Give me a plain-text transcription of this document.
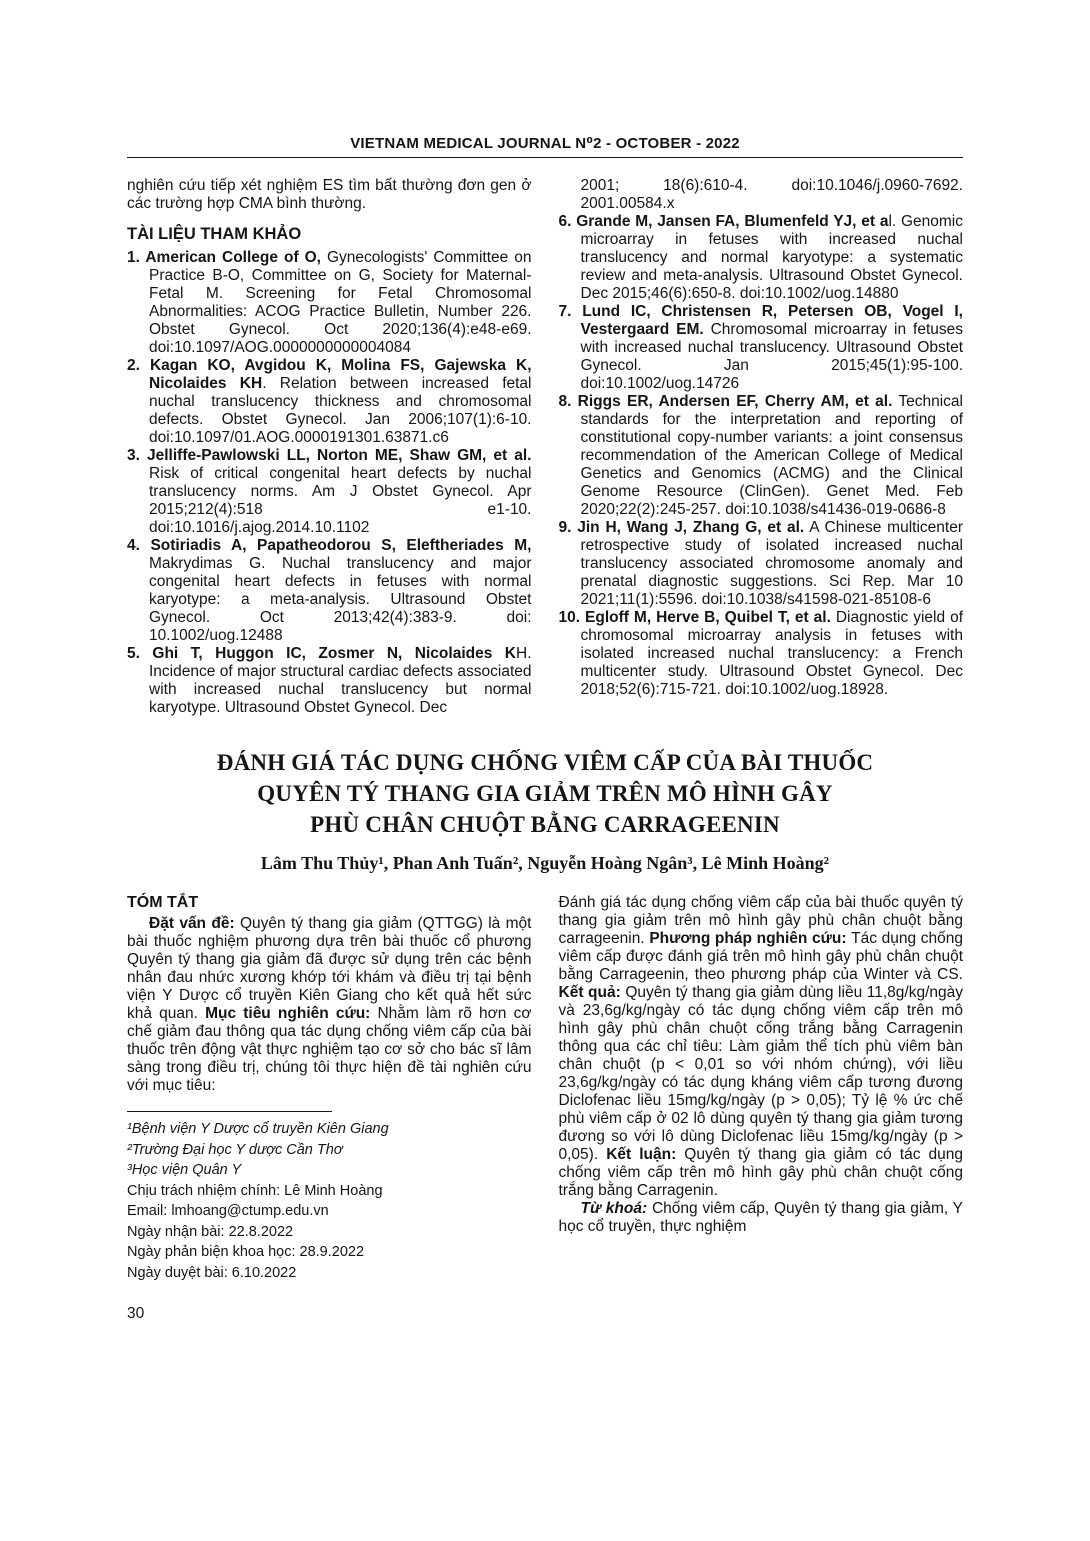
VIETNAM MEDICAL JOURNAL N⁰2 - OCTOBER - 2022

nghiên cứu tiếp xét nghiệm ES tìm bất thường đơn gen ở các trường hợp CMA bình thường.

TÀI LIỆU THAM KHẢO

1. American College of O, Gynecologists' Committee on Practice B-O, Committee on G, Society for Maternal-Fetal M. Screening for Fetal Chromosomal Abnormalities: ACOG Practice Bulletin, Number 226. Obstet Gynecol. Oct 2020;136(4):e48-e69. doi:10.1097/AOG.0000000000004084

2. Kagan KO, Avgidou K, Molina FS, Gajewska K, Nicolaides KH. Relation between increased fetal nuchal translucency thickness and chromosomal defects. Obstet Gynecol. Jan 2006;107(1):6-10. doi:10.1097/01.AOG.0000191301.63871.c6

3. Jelliffe-Pawlowski LL, Norton ME, Shaw GM, et al. Risk of critical congenital heart defects by nuchal translucency norms. Am J Obstet Gynecol. Apr 2015;212(4):518 e1-10. doi:10.1016/j.ajog.2014.10.1102

4. Sotiriadis A, Papatheodorou S, Eleftheriades M, Makrydimas G. Nuchal translucency and major congenital heart defects in fetuses with normal karyotype: a meta-analysis. Ultrasound Obstet Gynecol. Oct 2013;42(4):383-9. doi: 10.1002/uog.12488

5. Ghi T, Huggon IC, Zosmer N, Nicolaides KH. Incidence of major structural cardiac defects associated with increased nuchal translucency but normal karyotype. Ultrasound Obstet Gynecol. Dec

2001; 18(6):610-4. doi:10.1046/j.0960-7692. 2001.00584.x

6. Grande M, Jansen FA, Blumenfeld YJ, et al. Genomic microarray in fetuses with increased nuchal translucency and normal karyotype: a systematic review and meta-analysis. Ultrasound Obstet Gynecol. Dec 2015;46(6):650-8. doi:10.1002/uog.14880

7. Lund IC, Christensen R, Petersen OB, Vogel I, Vestergaard EM. Chromosomal microarray in fetuses with increased nuchal translucency. Ultrasound Obstet Gynecol. Jan 2015;45(1):95-100. doi:10.1002/uog.14726

8. Riggs ER, Andersen EF, Cherry AM, et al. Technical standards for the interpretation and reporting of constitutional copy-number variants: a joint consensus recommendation of the American College of Medical Genetics and Genomics (ACMG) and the Clinical Genome Resource (ClinGen). Genet Med. Feb 2020;22(2):245-257. doi:10.1038/s41436-019-0686-8

9. Jin H, Wang J, Zhang G, et al. A Chinese multicenter retrospective study of isolated increased nuchal translucency associated chromosome anomaly and prenatal diagnostic suggestions. Sci Rep. Mar 10 2021;11(1):5596. doi:10.1038/s41598-021-85108-6

10. Egloff M, Herve B, Quibel T, et al. Diagnostic yield of chromosomal microarray analysis in fetuses with isolated increased nuchal translucency: a French multicenter study. Ultrasound Obstet Gynecol. Dec 2018;52(6):715-721. doi:10.1002/uog.18928.

ĐÁNH GIÁ TÁC DỤNG CHỐNG VIÊM CẤP CỦA BÀI THUỐC
QUYÊN TÝ THANG GIA GIẢM TRÊN MÔ HÌNH GÂY
PHÙ CHÂN CHUỘT BẰNG CARRAGEENIN
Lâm Thu Thủy¹, Phan Anh Tuấn², Nguyễn Hoàng Ngân³, Lê Minh Hoàng²
TÓM TẮT

Đặt vấn đề: Quyên tý thang gia giảm (QTTGG) là một bài thuốc nghiệm phương dựa trên bài thuốc cổ phương Quyên tý thang gia giảm đã được sử dụng trên các bệnh nhân đau nhức xương khớp tới khám và điều trị tại bệnh viện Y Dược cổ truyền Kiên Giang cho kết quả hết sức khả quan. Mục tiêu nghiên cứu: Nhằm làm rõ hơn cơ chế giảm đau thông qua tác dụng chống viêm cấp của bài thuốc trên động vật thực nghiệm tạo cơ sở cho bác sĩ lâm sàng trong điều trị, chúng tôi thực hiện đề tài nghiên cứu với mục tiêu:

¹Bệnh viện Y Dược cổ truyền Kiên Giang
²Trường Đại học Y dược Cần Thơ
³Học viện Quân Y
Chịu trách nhiệm chính: Lê Minh Hoàng
Email: lmhoang@ctump.edu.vn
Ngày nhận bài: 22.8.2022
Ngày phản biện khoa học: 28.9.2022
Ngày duyệt bài: 6.10.2022

Đánh giá tác dụng chống viêm cấp của bài thuốc quyên tý thang gia giảm trên mô hình gây phù chân chuột bằng carrageenin. Phương pháp nghiên cứu: Tác dụng chống viêm cấp được đánh giá trên mô hình gây phù chân chuột bằng Carrageenin, theo phương pháp của Winter và CS. Kết quả: Quyên tý thang gia giảm dùng liều 11,8g/kg/ngày và 23,6g/kg/ngày có tác dụng chống viêm cấp trên mô hình gây phù chân chuột cống trắng bằng Carragenin thông qua các chỉ tiêu: Làm giảm thể tích phù viêm bàn chân chuột (p < 0,01 so với nhóm chứng), với liều 23,6g/kg/ngày có tác dụng kháng viêm cấp tương đương Diclofenac liều 15mg/kg/ngày (p > 0,05); Tỷ lệ % ức chế phù viêm cấp ở 02 lô dùng quyên tý thang gia giảm tương đương so với lô dùng Diclofenac liều 15mg/kg/ngày (p > 0,05). Kết luận: Quyên tý thang gia giảm có tác dụng chống viêm cấp trên mô hình gây phù chân chuột cống trắng bằng Carragenin.

Từ khoá: Chống viêm cấp, Quyên tý thang gia giảm, Y học cổ truyền, thực nghiệm

30
